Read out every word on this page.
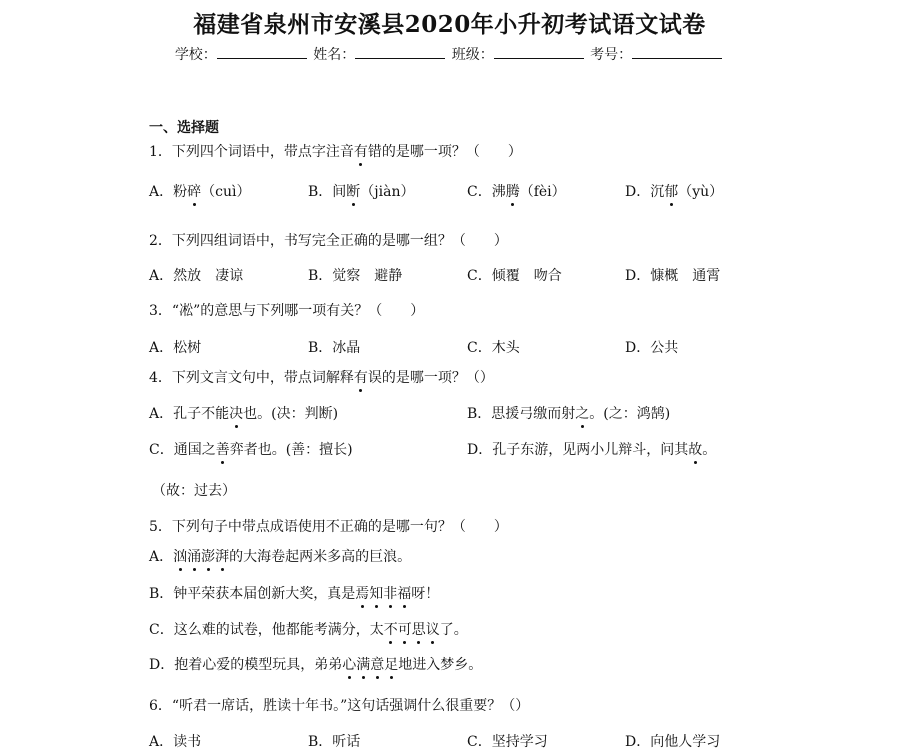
福建省泉州市安溪县2020年小升初考试语文试卷
学校：	姓名：	班级：	考号：
一、选择题
1．下列四个词语中，带点字注音有错的是哪一项？（　　）
A．粉碎（cuì）	B．间断（jiàn）	C．沸腾（fèi）	D．沉郁（yù）
2．下列四组词语中，书写完全正确的是哪一组？（　　）
A．然放　凄谅	B．觉察　避静	C．倾覆　吻合	D．慷概　通霄
3．“凇”的意思与下列哪一项有关？（　　）
A．松树	B．冰晶	C．木头	D．公共
4．下列文言文句中，带点词解释有误的是哪一项？（）
A．孔子不能决也。(决：判断)	B．思援弓缴而射之。(之：鸿鹄)
C．通国之善弈者也。(善：擅长)	D．孔子东游，见两小儿辩斗，问其故。
（故：过去）
5．下列句子中带点成语使用不正确的是哪一句？（　　）
A．汹涌澎湃的大海卷起两米多高的巨浪。
B．钟平荣获本届创新大奖，真是焉知非福呀！
C．这么难的试卷，他都能考满分，太不可思议了。
D．抱着心爱的模型玩具，弟弟心满意足地进入梦乡。
6．“听君一席话，胜读十年书。”这句话强调什么很重要？（）
A．读书	B．听话	C．坚持学习	D．向他人学习
